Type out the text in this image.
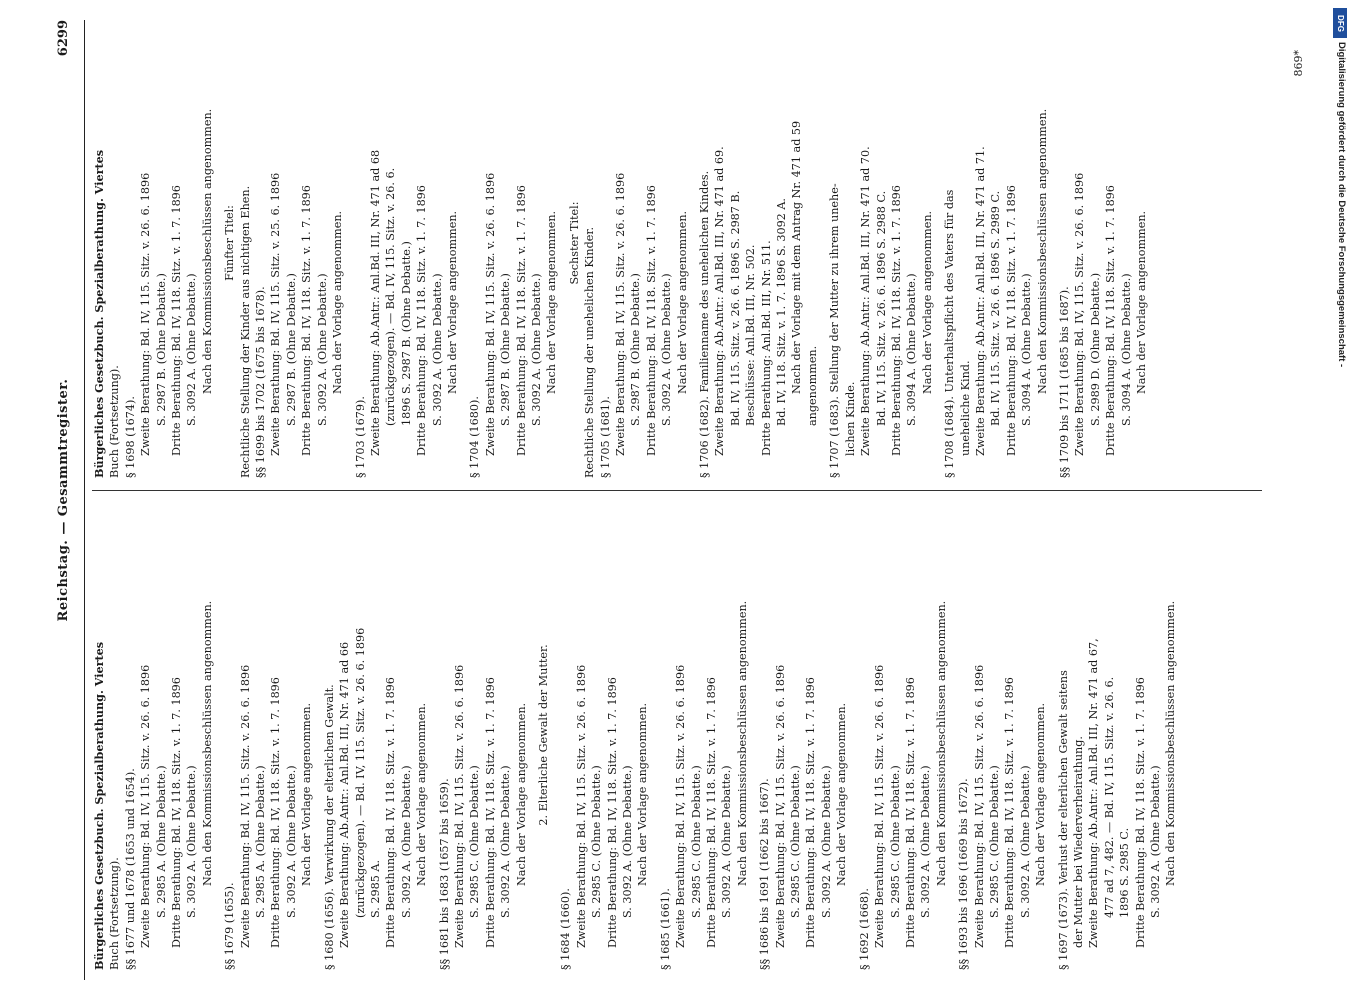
Reichstag. — Gesammtregister.
6299
Bürgerliches Gesetzbuch. Spezialberathung. Viertes Buch (Fortsetzung). §§ 1677 und 1678 (1653 und 1654). Zweite Berathung: Bd. IV, 115. Sitz. v. 26. 6. 1896 S. 2985 A. (Ohne Debatte.) Dritte Berathung: Bd. IV, 118. Sitz. v. 1. 7. 1896 S. 3092 A. (Ohne Debatte.) Nach den Kommissionsbeschlüssen angenommen.
§§ 1679 (1655). Zweite Berathung: Bd. IV, 115. Sitz. v. 26. 6. 1896 S. 2985 A. (Ohne Debatte.) Dritte Berathung: Bd. IV, 118. Sitz. v. 1. 7. 1896 S. 3092 A. (Ohne Debatte.) Nach der Vorlage angenommen. § 1680 (1656). Verwirkung der elterlichen Gewalt. Zweite Berathung: Ab.Antr.: Anl.Bd. III, Nr. 471 ad 66 (zurückgezogen). — Bd. IV, 115. Sitz. v. 26. 6. 1896 S. 2985 A. Dritte Berathung: Bd. IV, 118. Sitz. v. 1. 7. 1896 S. 3092 A. (Ohne Debatte.) Nach der Vorlage angenommen. §§ 1681 bis 1683 (1657 bis 1659). Zweite Berathung: Bd. IV, 115. Sitz. v. 26. 6. 1896 S. 2985 C. (Ohne Debatte.) Dritte Berathung: Bd. IV, 118. Sitz. v. 1. 7. 1896 S. 3092 A. (Ohne Debatte.) Nach der Vorlage angenommen. 2. Elterliche Gewalt der Mutter.
§ 1684 (1660). Zweite Berathung: Bd. IV, 115. Sitz. v. 26. 6. 1896 S. 2985 C. (Ohne Debatte.) Dritte Berathung: Bd. IV, 118. Sitz. v. 1. 7. 1896 S. 3092 A. (Ohne Debatte.) Nach der Vorlage angenommen.
§ 1685 (1661). Zweite Berathung: Bd. IV, 115. Sitz. v. 26. 6. 1896 S. 2985 C. (Ohne Debatte.) Dritte Berathung: Bd. IV, 118. Sitz. v. 1. 7. 1896 S. 3092 A. (Ohne Debatte.) Nach den Kommissionsbeschlüssen angenommen. §§ 1686 bis 1691 (1662 bis 1667). Zweite Berathung: Bd. IV, 115. Sitz. v. 26. 6. 1896 S. 2985 C. (Ohne Debatte.) Dritte Berathung: Bd. IV, 118. Sitz. v. 1. 7. 1896 S. 3092 A. (Ohne Debatte.) Nach der Vorlage angenommen.
§ 1692 (1668). Zweite Berathung: Bd. IV, 115. Sitz. v. 26. 6. 1896 S. 2985 C. (Ohne Debatte.) Dritte Berathung: Bd. IV, 118. Sitz. v. 1. 7. 1896 S. 3092 A. (Ohne Debatte.) Nach den Kommissionsbeschlüssen angenommen. §§ 1693 bis 1696 (1669 bis 1672). Zweite Berathung: Bd. IV, 115. Sitz. v. 26. 6. 1896 S. 2985 C. (Ohne Debatte.) Dritte Berathung: Bd. IV, 118. Sitz. v. 1. 7. 1896 S. 3092 A. (Ohne Debatte.) Nach der Vorlage angenommen. § 1697 (1673). Verlust der elterlichen Gewalt seitens der Mutter bei Wiederverheirathung. Zweite Berathung: Ab.Antr.: Anl.Bd. III, Nr. 471 ad 67, 477 ad 7, 482. — Bd. IV, 115. Sitz. v. 26. 6. 1896 S. 2985 C. Dritte Berathung: Bd. IV, 118. Sitz. v. 1. 7. 1896 S. 3092 A. (Ohne Debatte.) Nach den Kommissionsbeschlüssen angenommen.
Bürgerliches Gesetzbuch. Spezialberathung. Viertes Buch (Fortsetzung). § 1698 (1674). Zweite Berathung: Bd. IV, 115. Sitz. v. 26. 6. 1896 S. 2987 B. (Ohne Debatte.) Dritte Berathung: Bd. IV, 118. Sitz. v. 1. 7. 1896 S. 3092 A. (Ohne Debatte.) Nach den Kommissionsbeschlüssen angenommen. Fünfter Titel: Rechtliche Stellung der Kinder aus nichtigen Ehen. §§ 1699 bis 1702 (1675 bis 1678). Zweite Berathung: Bd. IV, 115. Sitz. v. 25. 6. 1896 S. 2987 B. (Ohne Debatte.) Dritte Berathung: Bd. IV, 118. Sitz. v. 1. 7. 1896 S. 3092 A. (Ohne Debatte.) Nach der Vorlage angenommen.
§ 1703 (1679). Zweite Berathung: Ab.Antr.: Anl.Bd. III, Nr. 471 ad 68 (zurückgezogen). — Bd. IV, 115. Sitz. v. 26. 6. 1896 S. 2987 B. (Ohne Debatte.) Dritte Berathung: Bd. IV, 118. Sitz. v. 1. 7. 1896 S. 3092 A. (Ohne Debatte.) Nach der Vorlage angenommen.
§ 1704 (1680). Zweite Berathung: Bd. IV, 115. Sitz. v. 26. 6. 1896 S. 2987 B. (Ohne Debatte.) Dritte Berathung: Bd. IV, 118. Sitz. v. 1. 7. 1896 S. 3092 A. (Ohne Debatte.) Nach der Vorlage angenommen. Sechster Titel: Rechtliche Stellung der unehelichen Kinder. § 1705 (1681). Zweite Berathung: Bd. IV, 115. Sitz. v. 26. 6. 1896 S. 2987 B. (Ohne Debatte.) Dritte Berathung: Bd. IV, 118. Sitz. v. 1. 7. 1896 S. 3092 A. (Ohne Debatte.) Nach der Vorlage angenommen. § 1706 (1682). Familienname des unehelichen Kindes. Zweite Berathung: Ab.Antr.: Anl.Bd. III, Nr. 471 ad 69. Bd. IV, 115. Sitz. v. 26. 6. 1896 S. 2987 B. Beschlüsse: Anl.Bd. III, Nr. 502. Dritte Berathung: Anl.Bd. III, Nr. 511. Bd. IV, 118. Sitz. v. 1. 7. 1896 S. 3092 A. Nach der Vorlage mit dem Antrag Nr. 471 ad 59 angenommen. § 1707 (1683). Stellung der Mutter zu ihrem unehe- lichen Kinde. Zweite Berathung: Ab.Antr.: Anl.Bd. III, Nr. 471 ad 70. Bd. IV, 115. Sitz. v. 26. 6. 1896 S. 2988 C. Dritte Berathung: Bd. IV, 118. Sitz. v. 1. 7. 1896 S. 3094 A. (Ohne Debatte.) Nach der Vorlage angenommen. § 1708 (1684). Unterhaltspflicht des Vaters für das uneheliche Kind. Zweite Berathung: Ab.Antr.: Anl.Bd. III, Nr. 471 ad 71. Bd. IV, 115. Sitz. v. 26. 6. 1896 S. 2989 C. Dritte Berathung: Bd. IV, 118. Sitz. v. 1. 7. 1896 S. 3094 A. (Ohne Debatte.) Nach den Kommissionsbeschlüssen angenommen. §§ 1709 bis 1711 (1685 bis 1687). Zweite Berathung: Bd. IV, 115. Sitz. v. 26. 6. 1896 S. 2989 D. (Ohne Debatte.) Dritte Berathung: Bd. IV, 118. Sitz. v. 1. 7. 1896 S. 3094 A. (Ohne Debatte.) Nach der Vorlage angenommen.
869*
DFG
Digitalisierung gefördert durch die Deutsche Forschungsgemeinschaft -
